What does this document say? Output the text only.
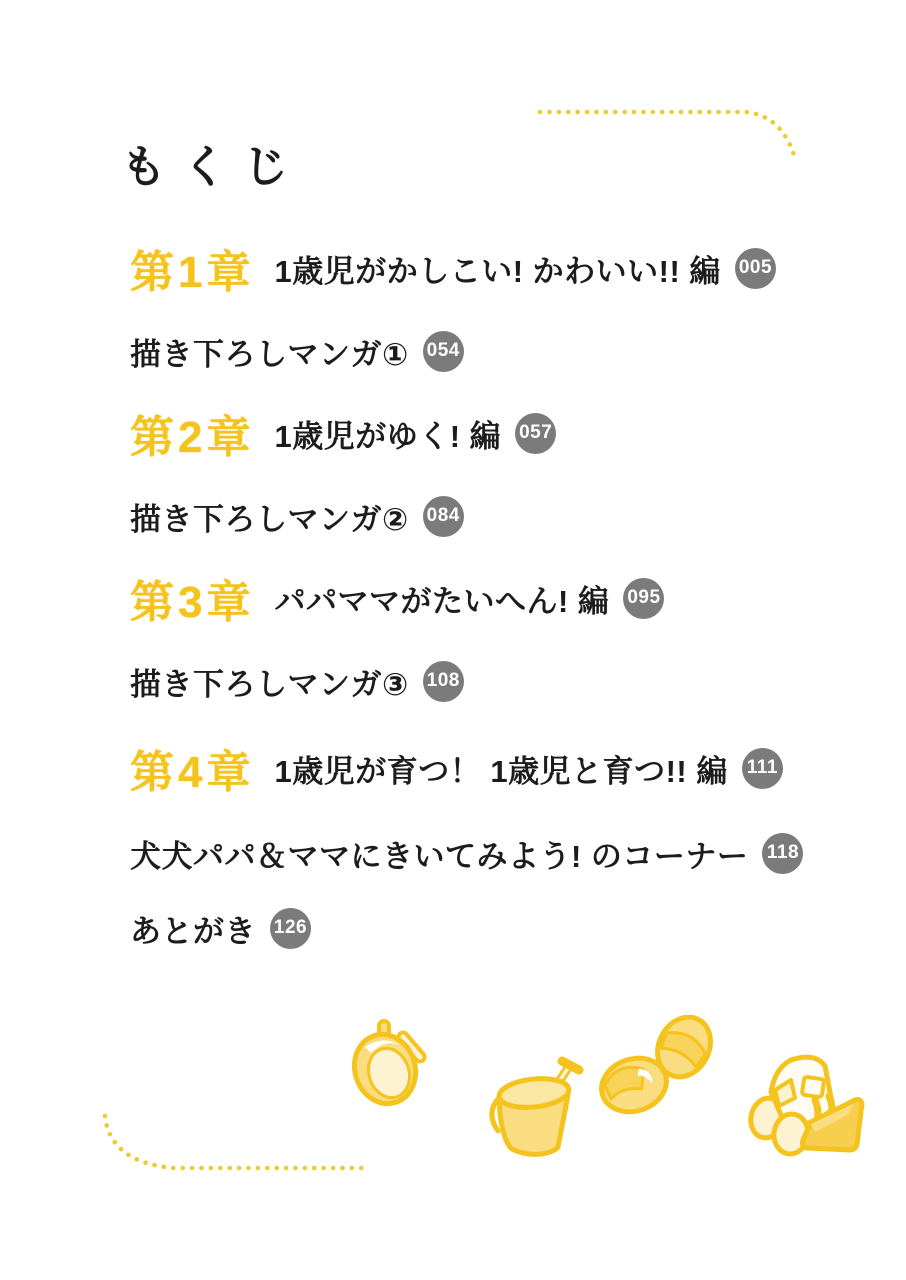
もくじ
第1章 1歳児がかしこい! かわいい!! 編 005
描き下ろしマンガ① 054
第2章 1歳児がゆく! 編 057
描き下ろしマンガ② 084
第3章 パパママがたいへん! 編 095
描き下ろしマンガ③ 108
第4章 1歳児が育つ！ 1歳児と育つ!! 編 111
犬犬パパ＆ママにきいてみよう! のコーナー 118
あとがき 126
